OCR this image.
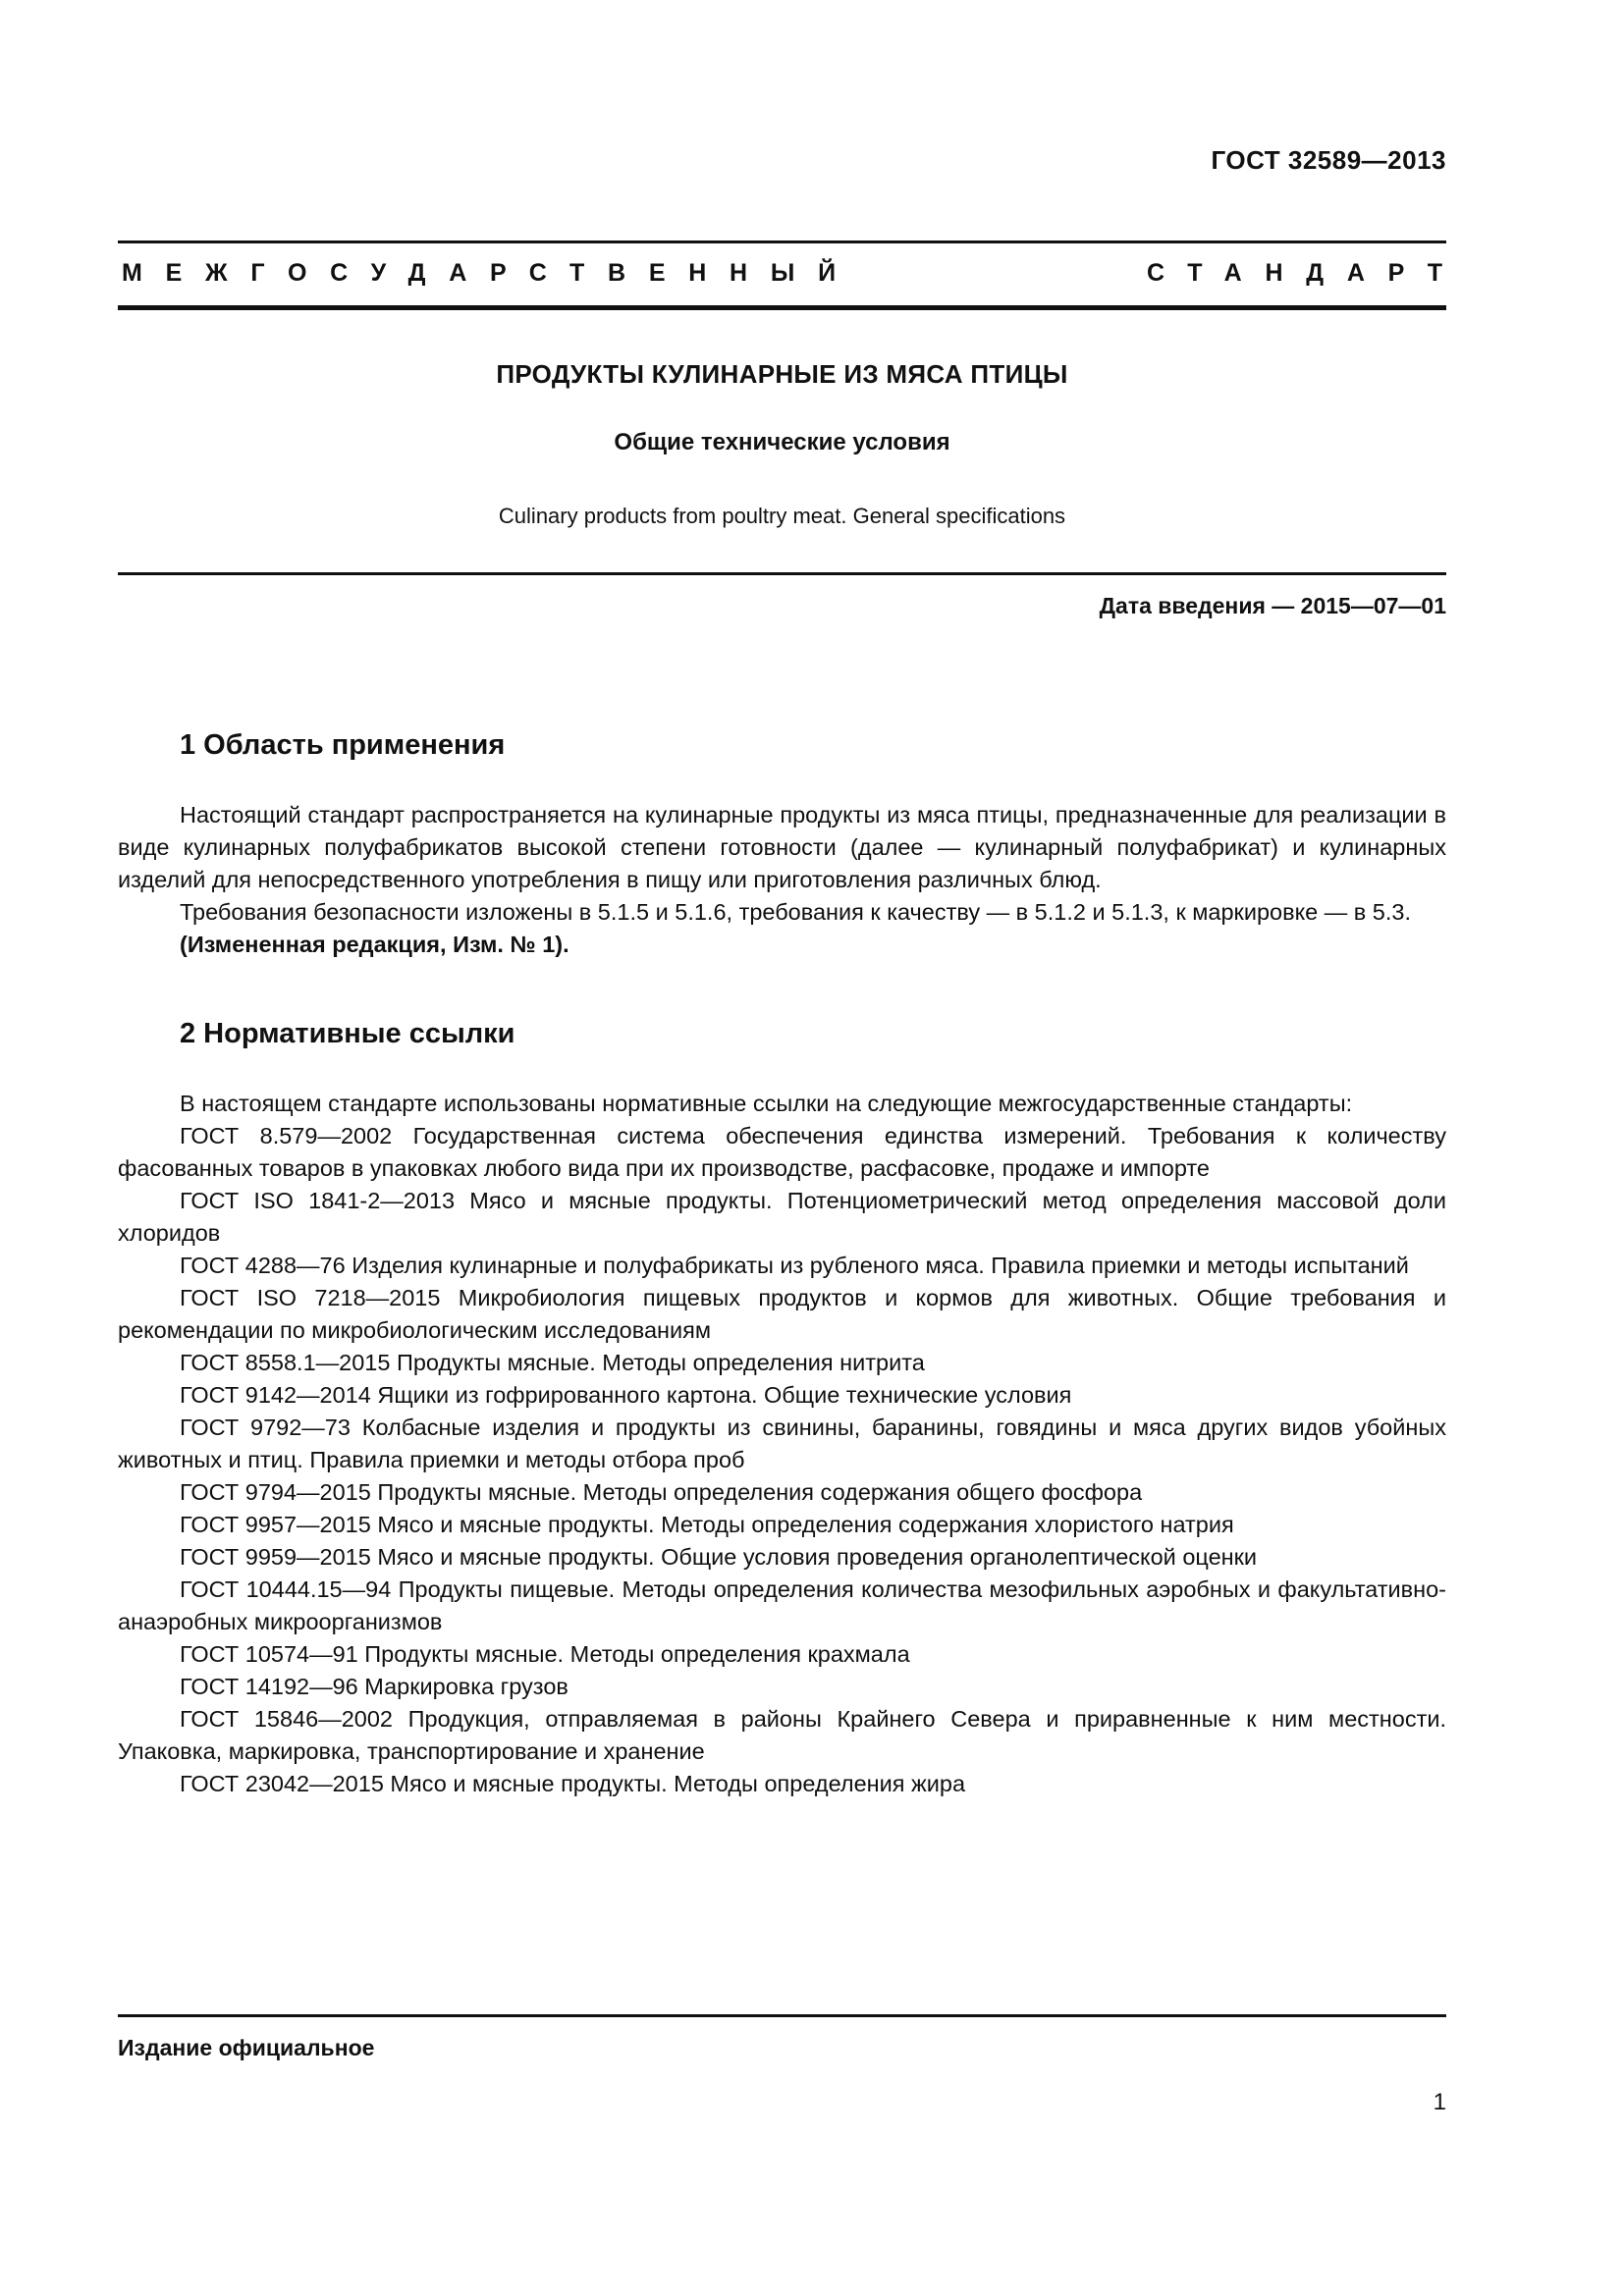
ГОСТ 32589—2013
МЕЖГОСУДАРСТВЕННЫЙ	СТАНДАРТ
ПРОДУКТЫ КУЛИНАРНЫЕ ИЗ МЯСА ПТИЦЫ
Общие технические условия
Culinary products from poultry meat. General specifications
Дата введения — 2015—07—01
1 Область применения

Настоящий стандарт распространяется на кулинарные продукты из мяса птицы, предназначенные для реализации в виде кулинарных полуфабрикатов высокой степени готовности (далее — кулинарный полуфабрикат) и кулинарных изделий для непосредственного употребления в пищу или приготовления различных блюд.

Требования безопасности изложены в 5.1.5 и 5.1.6, требования к качеству — в 5.1.2 и 5.1.3, к маркировке — в 5.3.

(Измененная редакция, Изм. № 1).

2 Нормативные ссылки

В настоящем стандарте использованы нормативные ссылки на следующие межгосударственные стандарты:

ГОСТ 8.579—2002 Государственная система обеспечения единства измерений. Требования к количеству фасованных товаров в упаковках любого вида при их производстве, расфасовке, продаже и импорте

ГОСТ ISO 1841-2—2013 Мясо и мясные продукты. Потенциометрический метод определения массовой доли хлоридов

ГОСТ 4288—76 Изделия кулинарные и полуфабрикаты из рубленого мяса. Правила приемки и методы испытаний

ГОСТ ISO 7218—2015 Микробиология пищевых продуктов и кормов для животных. Общие требования и рекомендации по микробиологическим исследованиям

ГОСТ 8558.1—2015 Продукты мясные. Методы определения нитрита

ГОСТ 9142—2014 Ящики из гофрированного картона. Общие технические условия

ГОСТ 9792—73 Колбасные изделия и продукты из свинины, баранины, говядины и мяса других видов убойных животных и птиц. Правила приемки и методы отбора проб

ГОСТ 9794—2015 Продукты мясные. Методы определения содержания общего фосфора

ГОСТ 9957—2015 Мясо и мясные продукты. Методы определения содержания хлористого натрия

ГОСТ 9959—2015 Мясо и мясные продукты. Общие условия проведения органолептической оценки

ГОСТ 10444.15—94 Продукты пищевые. Методы определения количества мезофильных аэробных и факультативно-анаэробных микроорганизмов

ГОСТ 10574—91 Продукты мясные. Методы определения крахмала

ГОСТ 14192—96 Маркировка грузов

ГОСТ 15846—2002 Продукция, отправляемая в районы Крайнего Севера и приравненные к ним местности. Упаковка, маркировка, транспортирование и хранение

ГОСТ 23042—2015 Мясо и мясные продукты. Методы определения жира

Издание официальное
1
